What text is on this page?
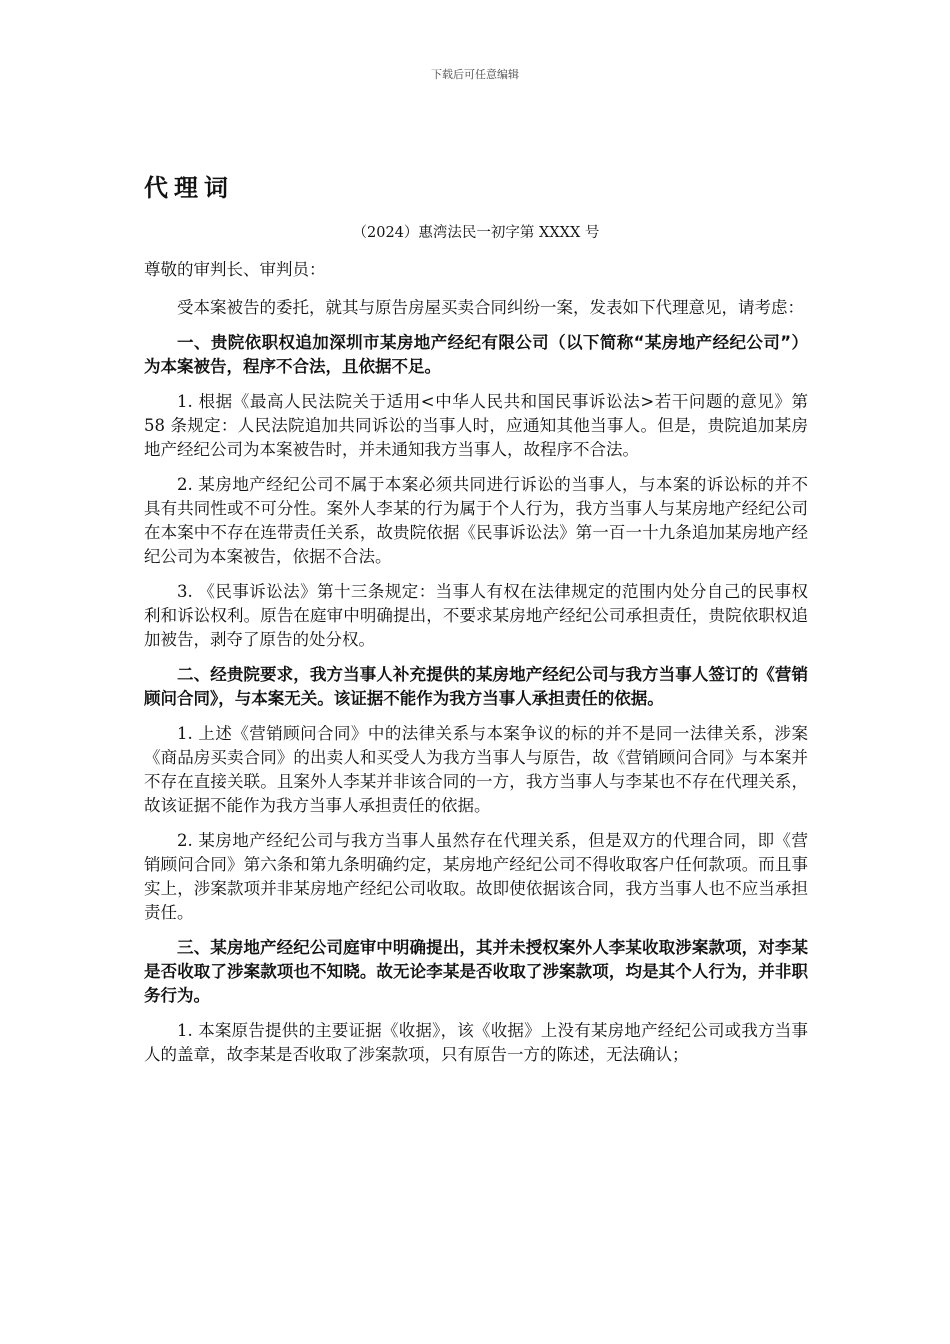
下载后可任意编辑
代理词
（2024）惠湾法民一初字第 XXXX 号
尊敬的审判长、审判员：

受本案被告的委托，就其与原告房屋买卖合同纠纷一案，发表如下代理意见，请考虑：

一、贵院依职权追加深圳市某房地产经纪有限公司（以下简称“某房地产经纪公司”）为本案被告，程序不合法，且依据不足。

1. 根据《最高人民法院关于适用<中华人民共和国民事诉讼法>若干问题的意见》第 58 条规定：人民法院追加共同诉讼的当事人时，应通知其他当事人。但是，贵院追加某房地产经纪公司为本案被告时，并未通知我方当事人，故程序不合法。

2. 某房地产经纪公司不属于本案必须共同进行诉讼的当事人，与本案的诉讼标的并不具有共同性或不可分性。案外人李某的行为属于个人行为，我方当事人与某房地产经纪公司在本案中不存在连带责任关系，故贵院依据《民事诉讼法》第一百一十九条追加某房地产经纪公司为本案被告，依据不合法。

3. 《民事诉讼法》第十三条规定：当事人有权在法律规定的范围内处分自己的民事权利和诉讼权利。原告在庭审中明确提出，不要求某房地产经纪公司承担责任，贵院依职权追加被告，剥夺了原告的处分权。

二、经贵院要求，我方当事人补充提供的某房地产经纪公司与我方当事人签订的《营销顾问合同》，与本案无关。该证据不能作为我方当事人承担责任的依据。

1. 上述《营销顾问合同》中的法律关系与本案争议的标的并不是同一法律关系，涉案《商品房买卖合同》的出卖人和买受人为我方当事人与原告，故《营销顾问合同》与本案并不存在直接关联。且案外人李某并非该合同的一方，我方当事人与李某也不存在代理关系，故该证据不能作为我方当事人承担责任的依据。

2. 某房地产经纪公司与我方当事人虽然存在代理关系，但是双方的代理合同，即《营销顾问合同》第六条和第九条明确约定，某房地产经纪公司不得收取客户任何款项。而且事实上，涉案款项并非某房地产经纪公司收取。故即使依据该合同，我方当事人也不应当承担责任。

三、某房地产经纪公司庭审中明确提出，其并未授权案外人李某收取涉案款项，对李某是否收取了涉案款项也不知晓。故无论李某是否收取了涉案款项，均是其个人行为，并非职务行为。

1. 本案原告提供的主要证据《收据》，该《收据》上没有某房地产经纪公司或我方当事人的盖章，故李某是否收取了涉案款项，只有原告一方的陈述，无法确认；
